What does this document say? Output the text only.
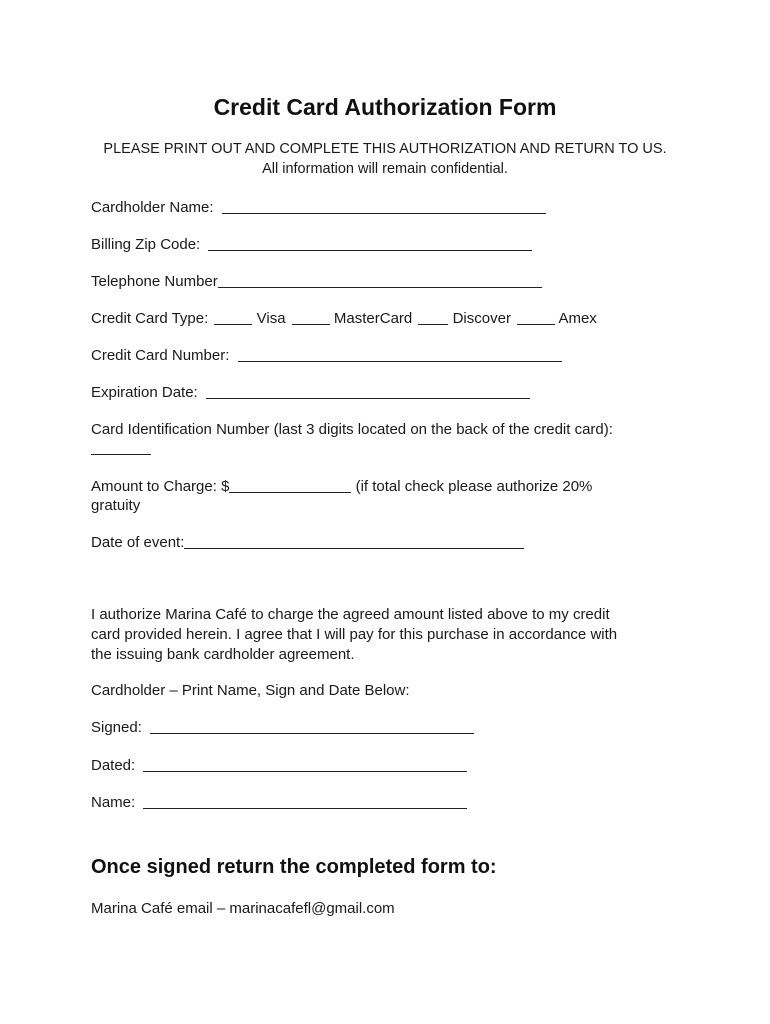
Credit Card Authorization Form
PLEASE PRINT OUT AND COMPLETE THIS AUTHORIZATION AND RETURN TO US.
All information will remain confidential.
Cardholder Name:
Billing Zip Code:
Telephone Number
Credit Card Type:	Visa	MasterCard	Discover	Amex
Credit Card Number:
Expiration Date:
Card Identification Number (last 3 digits located on the back of the credit card):
Amount to Charge: $	(if total check please authorize 20%
gratuity
Date of event:
I authorize Marina Café to charge the agreed amount listed above to my credit
card provided herein. I agree that I will pay for this purchase in accordance with
the issuing bank cardholder agreement.
Cardholder – Print Name, Sign and Date Below:
Signed:
Dated:
Name:
Once signed return the completed form to:
Marina Café email – marinacafefl@gmail.com
